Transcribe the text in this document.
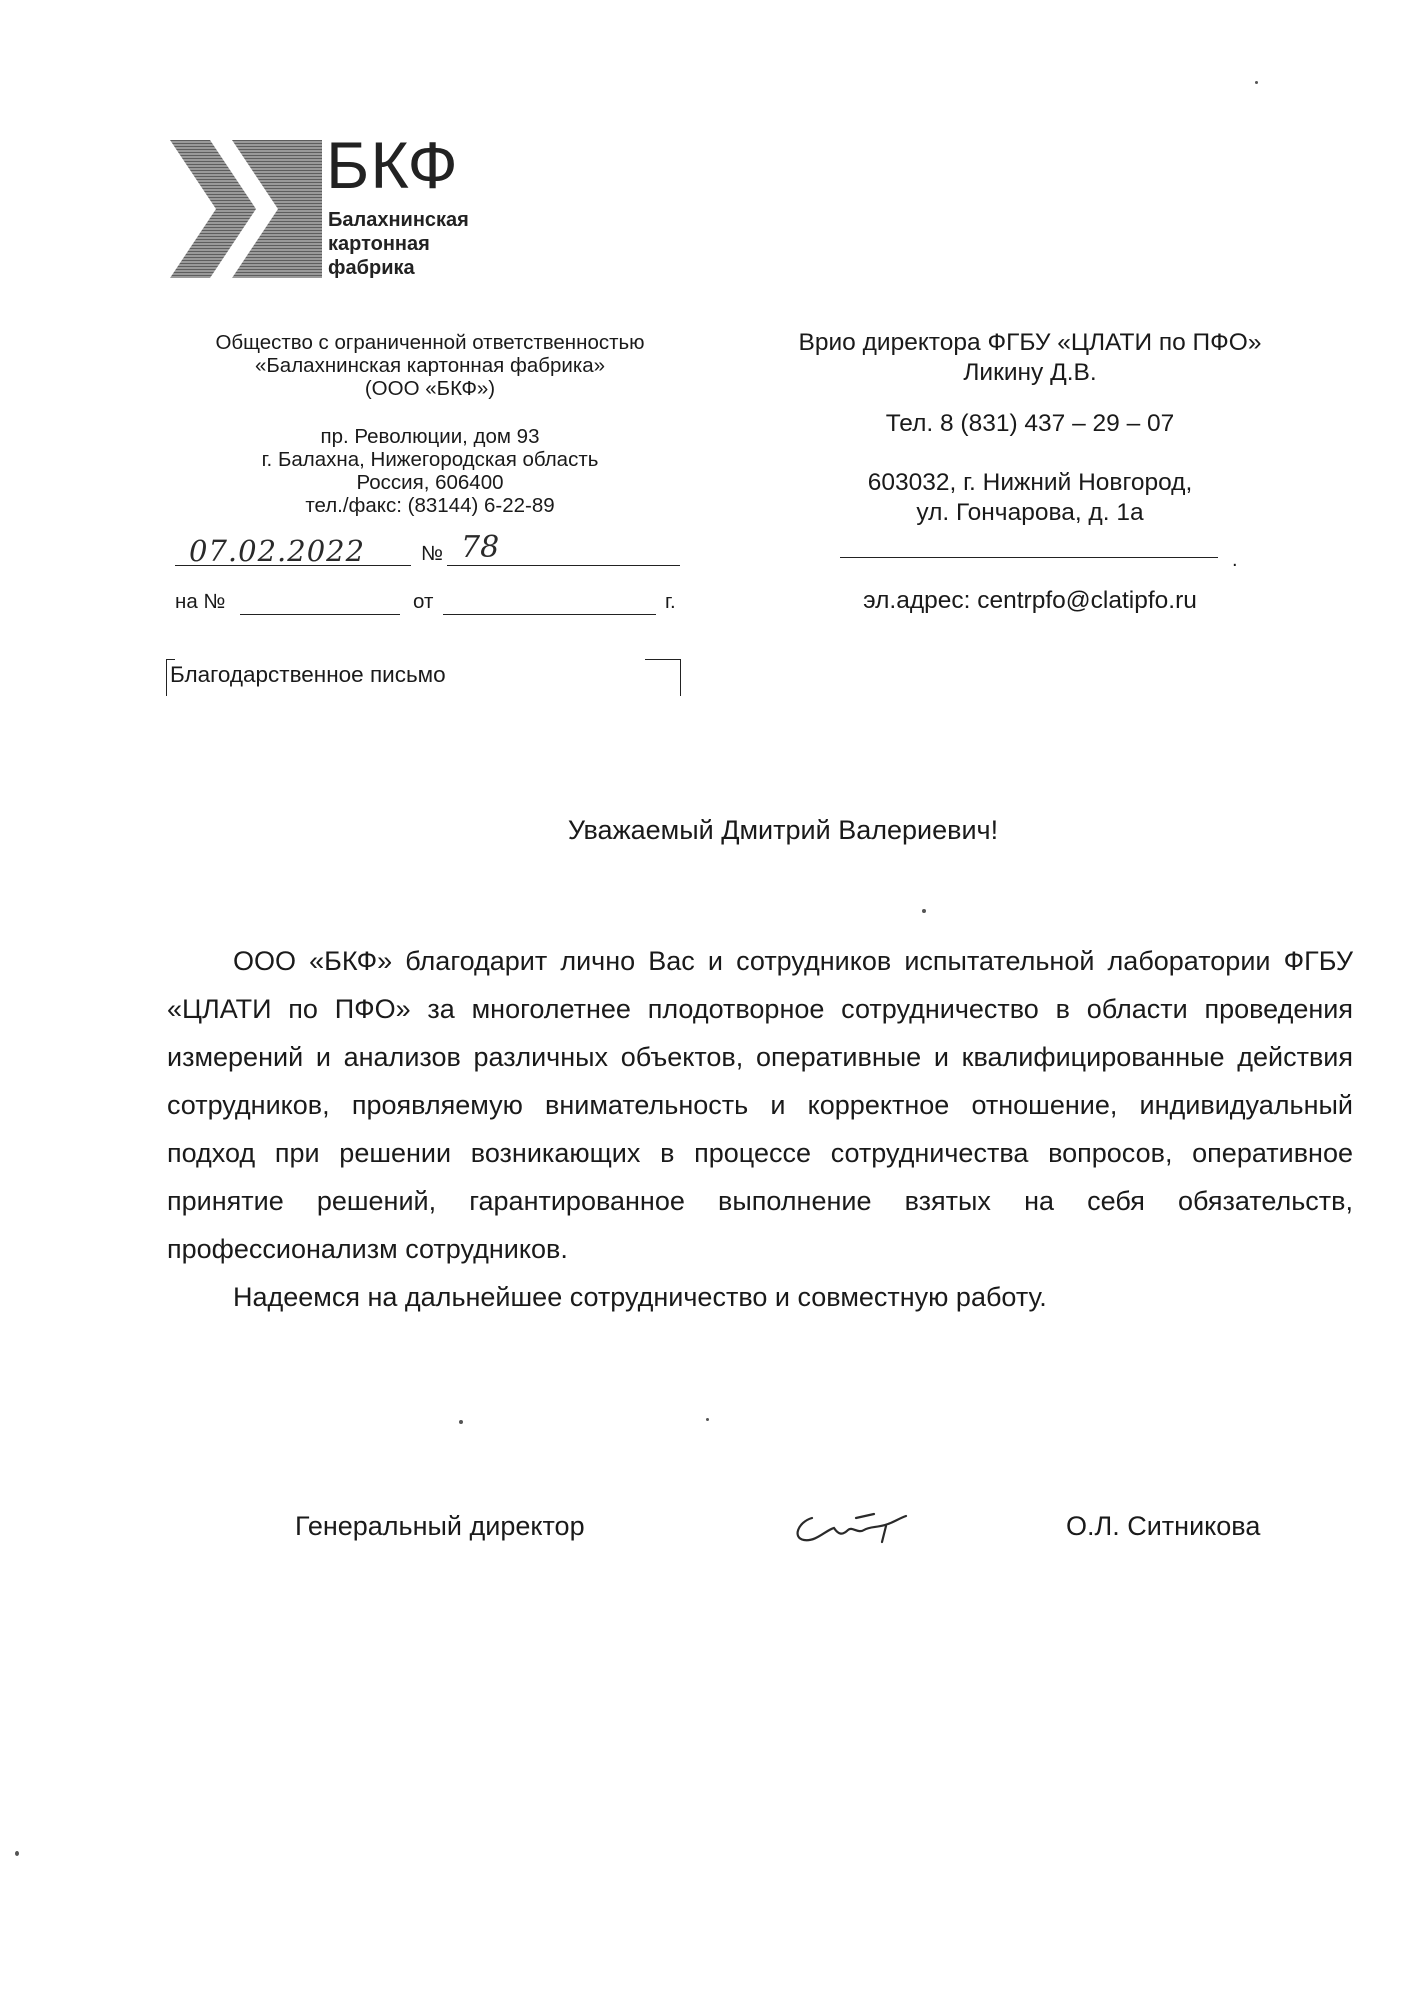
БКФ
Балахнинская
картонная
фабрика
Общество с ограниченной ответственностью
«Балахнинская картонная фабрика»
(ООО «БКФ»)
пр. Революции, дом 93
г. Балахна, Нижегородская область
Россия, 606400
тел./факс: (83144) 6-22-89
07.02.2022	№ 78
на №	от	г.
Врио директора ФГБУ «ЦЛАТИ по ПФО»
Ликину Д.В.
Тел. 8 (831) 437 – 29 – 07
603032, г. Нижний Новгород,
ул. Гончарова, д. 1а
.
эл.адрес: centrpfo@clatipfo.ru
Благодарственное письмо
Уважаемый Дмитрий Валериевич!

ООО «БКФ» благодарит лично Вас и сотрудников испытательной лаборатории ФГБУ «ЦЛАТИ по ПФО» за многолетнее плодотворное сотрудничество в области проведения измерений и анализов различных объектов, оперативные и квалифицированные действия сотрудников, проявляемую внимательность и корректное отношение, индивидуальный подход при решении возникающих в процессе сотрудничества вопросов, оперативное принятие решений, гарантированное выполнение взятых на себя обязательств, профессионализм сотрудников.

Надеемся на дальнейшее сотрудничество и совместную работу.

Генеральный директор	О.Л. Ситникова
